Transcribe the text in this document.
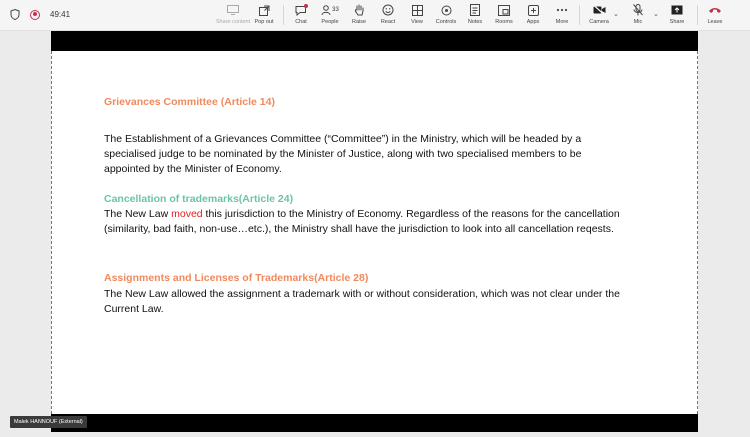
49:41
Share content Pop out	Chat
33
People Raise	React	View Controls Notes Rooms	Apps	More	Camera
⌄
Mic
⌄
Share	Leave

Grievances Committee (Article 14)

The Establishment of a Grievances Committee (“Committee”) in the Ministry, which will be headed by a specialised judge to be nominated by the Minister of Justice, along with two specialised members to be appointed by the Minister of Economy.

Cancellation of trademarks(Article 24)

The New Law moved this jurisdiction to the Ministry of Economy. Regardless of the reasons for the cancellation (similarity, bad faith, non-use…etc.), the Ministry shall have the jurisdiction to look into all cancellation reqests.

Assignments and Licenses of Trademarks(Article 28)

The New Law allowed the assignment a trademark with or without consideration, which was not clear under the Current Law.

Malek HANNOUF (External)
